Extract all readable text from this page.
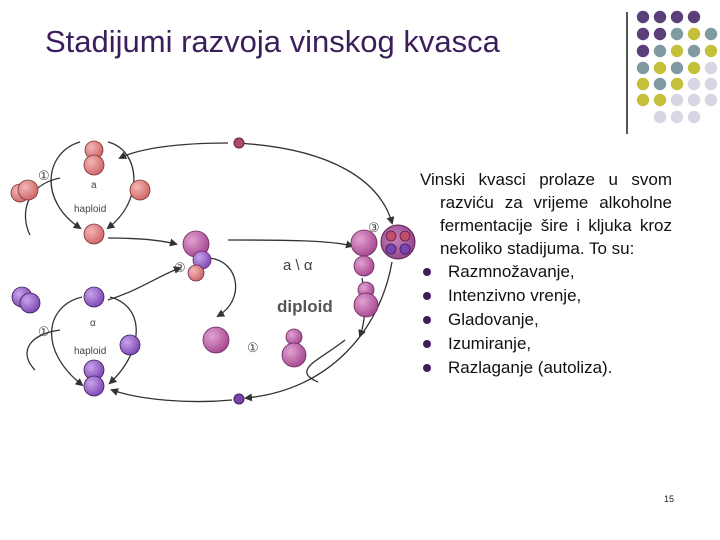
Stadijumi razvoja vinskog kvasca
①
a
haploid
②	a \ α
diploid
①
③
①
α
haploid
Vinski kvasci prolaze u svom razviću za vrijeme alkoholne fermentacije šire i kljuka kroz nekoliko stadijuma. To su:
Razmnožavanje,
Intenzivno vrenje,
Gladovanje,
Izumiranje,
Razlaganje (autoliza).
15
